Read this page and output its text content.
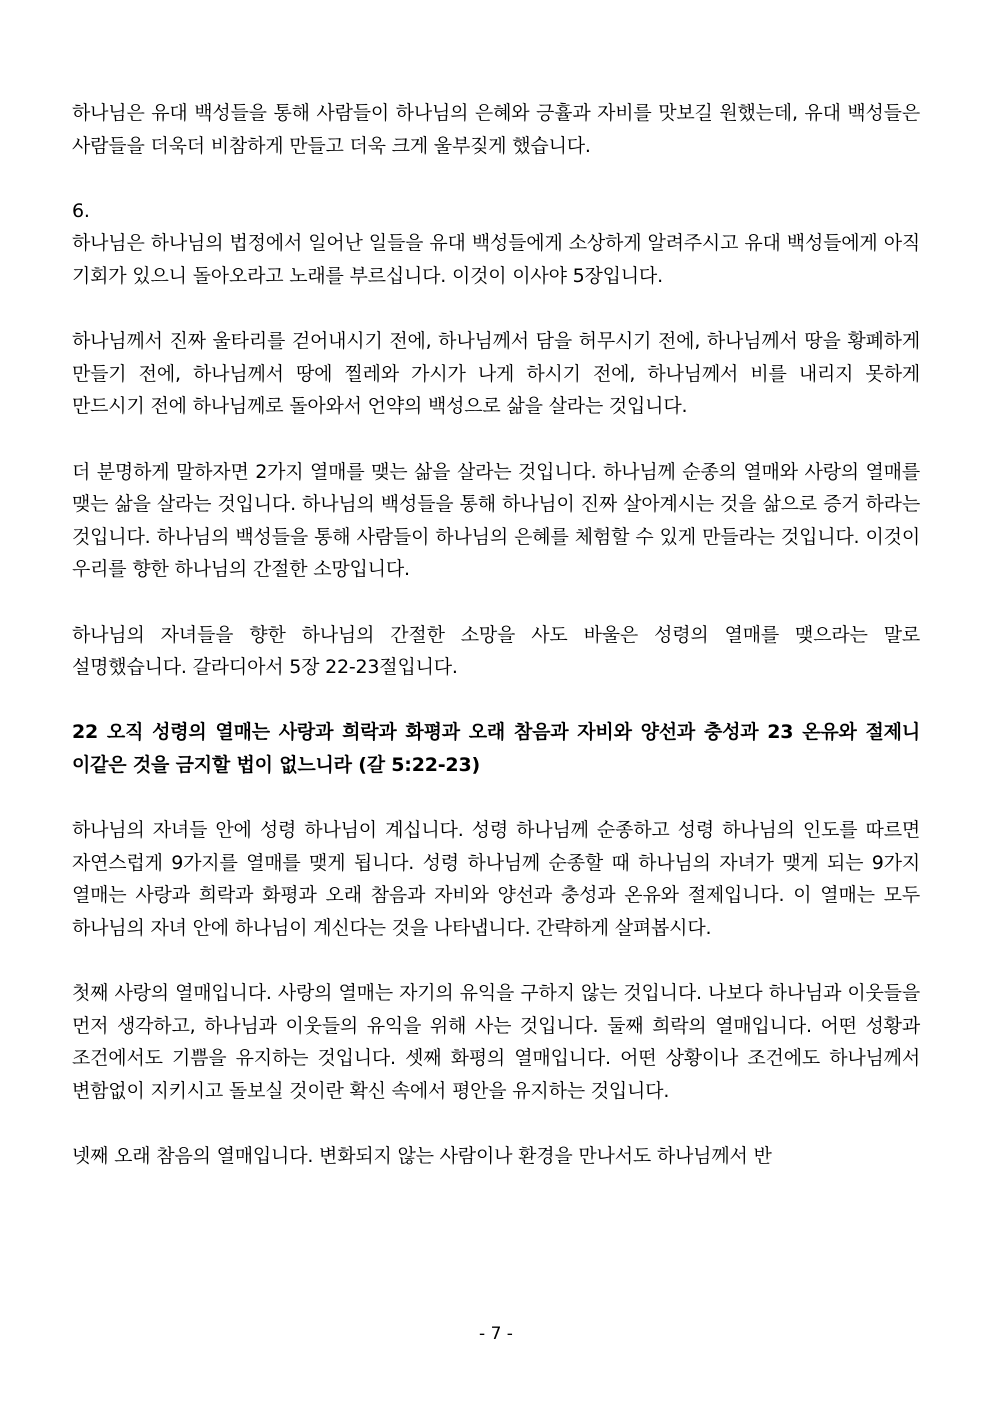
하나님은 유대 백성들을 통해 사람들이 하나님의 은혜와 긍휼과 자비를 맛보길 원했는데, 유대 백성들은 사람들을 더욱더 비참하게 만들고 더욱 크게 울부짖게 했습니다.

6.

하나님은 하나님의 법정에서 일어난 일들을 유대 백성들에게 소상하게 알려주시고 유대 백성들에게 아직 기회가 있으니 돌아오라고 노래를 부르십니다. 이것이 이사야 5장입니다.

하나님께서 진짜 울타리를 걷어내시기 전에, 하나님께서 담을 허무시기 전에, 하나님께서 땅을 황폐하게 만들기 전에, 하나님께서 땅에 찔레와 가시가 나게 하시기 전에, 하나님께서 비를 내리지 못하게 만드시기 전에 하나님께로 돌아와서 언약의 백성으로 삶을 살라는 것입니다.

더 분명하게 말하자면 2가지 열매를 맺는 삶을 살라는 것입니다. 하나님께 순종의 열매와 사랑의 열매를 맺는 삶을 살라는 것입니다. 하나님의 백성들을 통해 하나님이 진짜 살아계시는 것을 삶으로 증거 하라는 것입니다. 하나님의 백성들을 통해 사람들이 하나님의 은혜를 체험할 수 있게 만들라는 것입니다. 이것이 우리를 향한 하나님의 간절한 소망입니다.

하나님의 자녀들을 향한 하나님의 간절한 소망을 사도 바울은 성령의 열매를 맺으라는 말로 설명했습니다. 갈라디아서 5장 22-23절입니다.

22 오직 성령의 열매는 사랑과 희락과 화평과 오래 참음과 자비와 양선과 충성과 23 온유와 절제니 이같은 것을 금지할 법이 없느니라 (갈 5:22-23)

하나님의 자녀들 안에 성령 하나님이 계십니다. 성령 하나님께 순종하고 성령 하나님의 인도를 따르면 자연스럽게 9가지를 열매를 맺게 됩니다. 성령 하나님께 순종할 때 하나님의 자녀가 맺게 되는 9가지 열매는 사랑과 희락과 화평과 오래 참음과 자비와 양선과 충성과 온유와 절제입니다. 이 열매는 모두 하나님의 자녀 안에 하나님이 계신다는 것을 나타냅니다. 간략하게 살펴봅시다.

첫째 사랑의 열매입니다. 사랑의 열매는 자기의 유익을 구하지 않는 것입니다. 나보다 하나님과 이웃들을 먼저 생각하고, 하나님과 이웃들의 유익을 위해 사는 것입니다. 둘째 희락의 열매입니다. 어떤 성황과 조건에서도 기쁨을 유지하는 것입니다. 셋째 화평의 열매입니다. 어떤 상황이나 조건에도 하나님께서 변함없이 지키시고 돌보실 것이란 확신 속에서 평안을 유지하는 것입니다.

넷째 오래 참음의 열매입니다. 변화되지 않는 사람이나 환경을 만나서도 하나님께서 반

- 7 -
